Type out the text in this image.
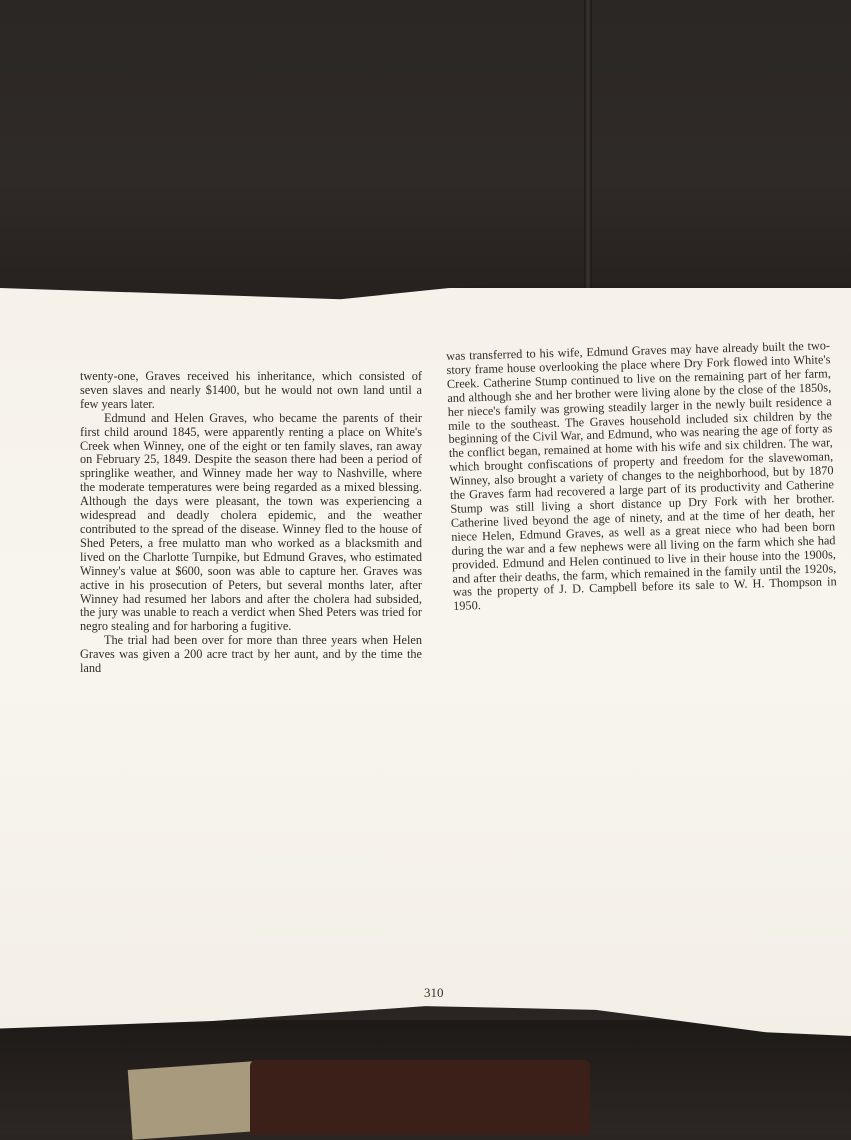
twenty-one, Graves received his inheritance, which consisted of seven slaves and nearly $1400, but he would not own land until a few years later.

Edmund and Helen Graves, who became the parents of their first child around 1845, were apparently renting a place on White's Creek when Winney, one of the eight or ten family slaves, ran away on February 25, 1849. Despite the season there had been a period of springlike weather, and Winney made her way to Nashville, where the moderate temperatures were being regarded as a mixed blessing. Although the days were pleasant, the town was experiencing a widespread and deadly cholera epidemic, and the weather contributed to the spread of the disease. Winney fled to the house of Shed Peters, a free mulatto man who worked as a blacksmith and lived on the Charlotte Turnpike, but Edmund Graves, who estimated Winney's value at $600, soon was able to capture her. Graves was active in his prosecution of Peters, but several months later, after Winney had resumed her labors and after the cholera had subsided, the jury was unable to reach a verdict when Shed Peters was tried for negro stealing and for harboring a fugitive.

The trial had been over for more than three years when Helen Graves was given a 200 acre tract by her aunt, and by the time the land

was transferred to his wife, Edmund Graves may have already built the two-story frame house overlooking the place where Dry Fork flowed into White's Creek. Catherine Stump continued to live on the remaining part of her farm, and although she and her brother were living alone by the close of the 1850s, her niece's family was growing steadily larger in the newly built residence a mile to the southeast. The Graves household included six children by the beginning of the Civil War, and Edmund, who was nearing the age of forty as the conflict began, remained at home with his wife and six children. The war, which brought confiscations of property and freedom for the slavewoman, Winney, also brought a variety of changes to the neighborhood, but by 1870 the Graves farm had recovered a large part of its productivity and Catherine Stump was still living a short distance up Dry Fork with her brother. Catherine lived beyond the age of ninety, and at the time of her death, her niece Helen, Edmund Graves, as well as a great niece who had been born during the war and a few nephews were all living on the farm which she had provided. Edmund and Helen continued to live in their house into the 1900s, and after their deaths, the farm, which remained in the family until the 1920s, was the property of J. D. Campbell before its sale to W. H. Thompson in 1950.

310
